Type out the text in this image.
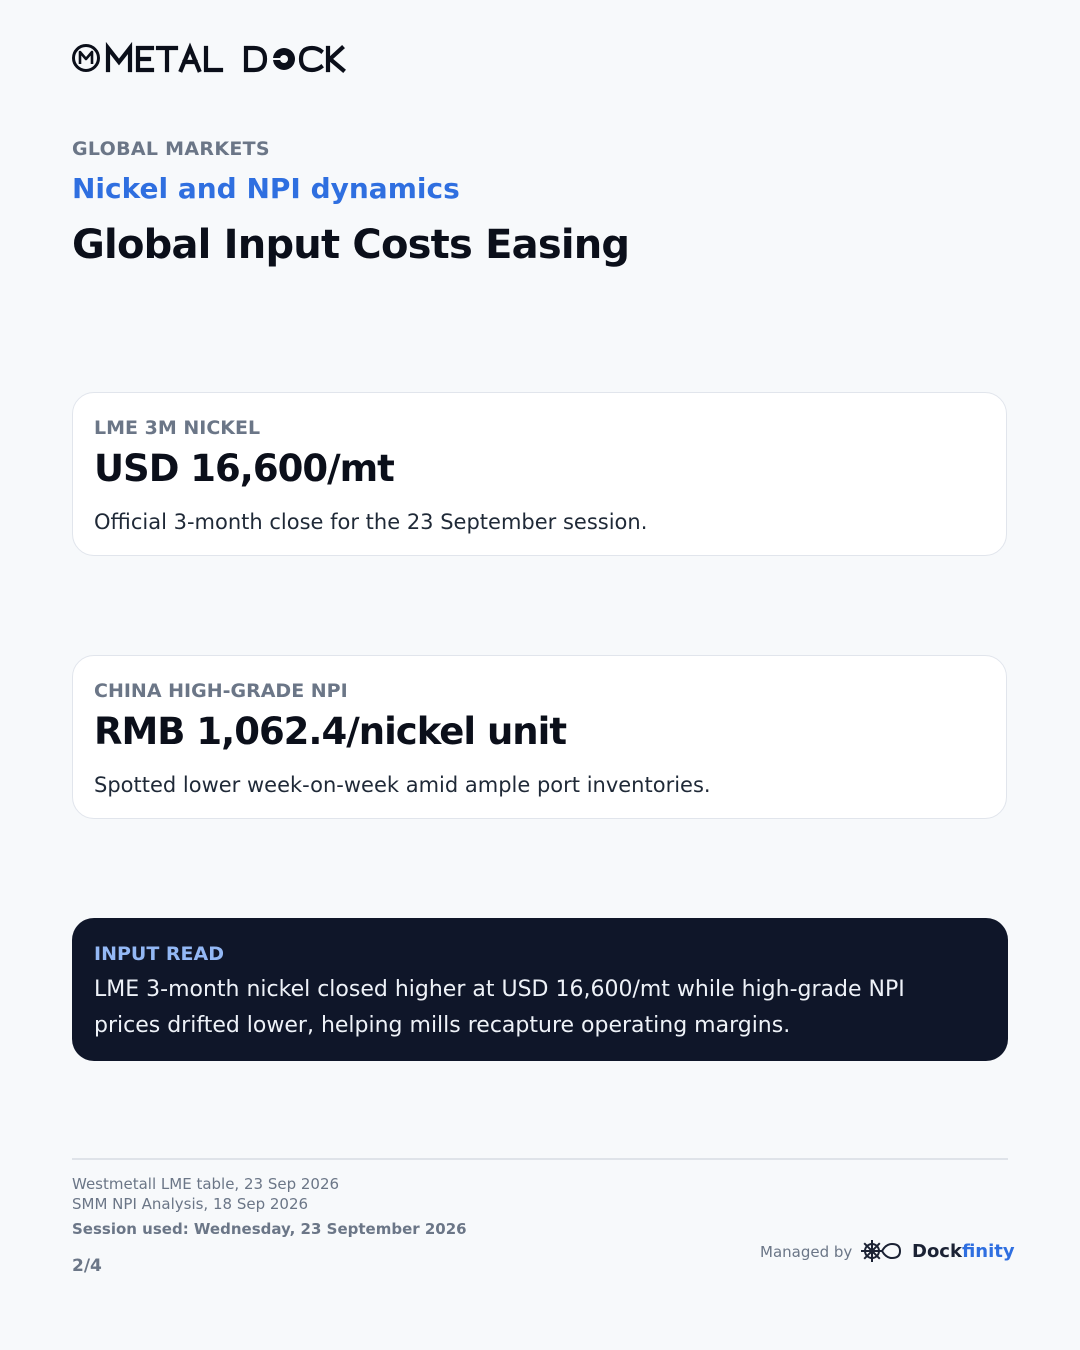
GLOBAL MARKETS
Nickel and NPI dynamics
Global Input Costs Easing
LME 3M NICKEL
USD 16,600/mt
Official 3-month close for the 23 September session.
CHINA HIGH-GRADE NPI
RMB 1,062.4/nickel unit
Spotted lower week-on-week amid ample port inventories.
INPUT READ
LME 3-month nickel closed higher at USD 16,600/mt while high-grade NPI prices drifted lower, helping mills recapture operating margins.
Westmetall LME table, 23 Sep 2026
SMM NPI Analysis, 18 Sep 2026
Session used: Wednesday, 23 September 2026
2/4
Managed by	Dockfinity
